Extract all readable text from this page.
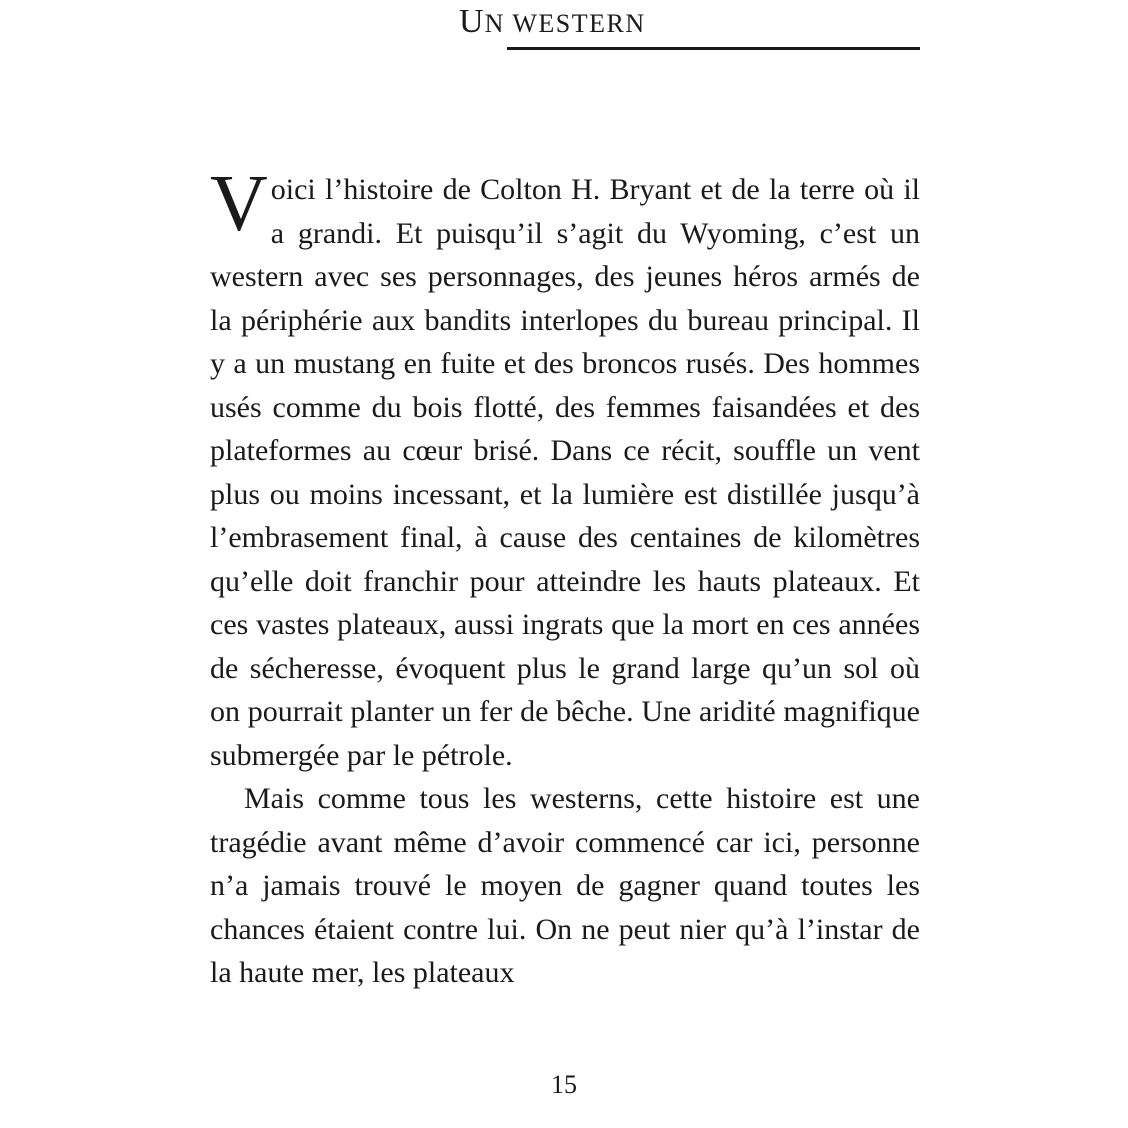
UN WESTERN

Voici l’histoire de Colton H. Bryant et de la terre où il a grandi. Et puisqu’il s’agit du Wyoming, c’est un western avec ses personnages, des jeunes héros armés de la périphérie aux bandits interlopes du bureau principal. Il y a un mustang en fuite et des broncos rusés. Des hommes usés comme du bois flotté, des femmes faisandées et des plateformes au cœur brisé. Dans ce récit, souffle un vent plus ou moins incessant, et la lumière est distillée jusqu’à l’embrasement final, à cause des centaines de kilomètres qu’elle doit franchir pour atteindre les hauts plateaux. Et ces vastes plateaux, aussi ingrats que la mort en ces années de sécheresse, évoquent plus le grand large qu’un sol où on pourrait planter un fer de bêche. Une aridité magnifique submergée par le pétrole.

Mais comme tous les westerns, cette histoire est une tragédie avant même d’avoir commencé car ici, personne n’a jamais trouvé le moyen de gagner quand toutes les chances étaient contre lui. On ne peut nier qu’à l’instar de la haute mer, les plateaux

15
